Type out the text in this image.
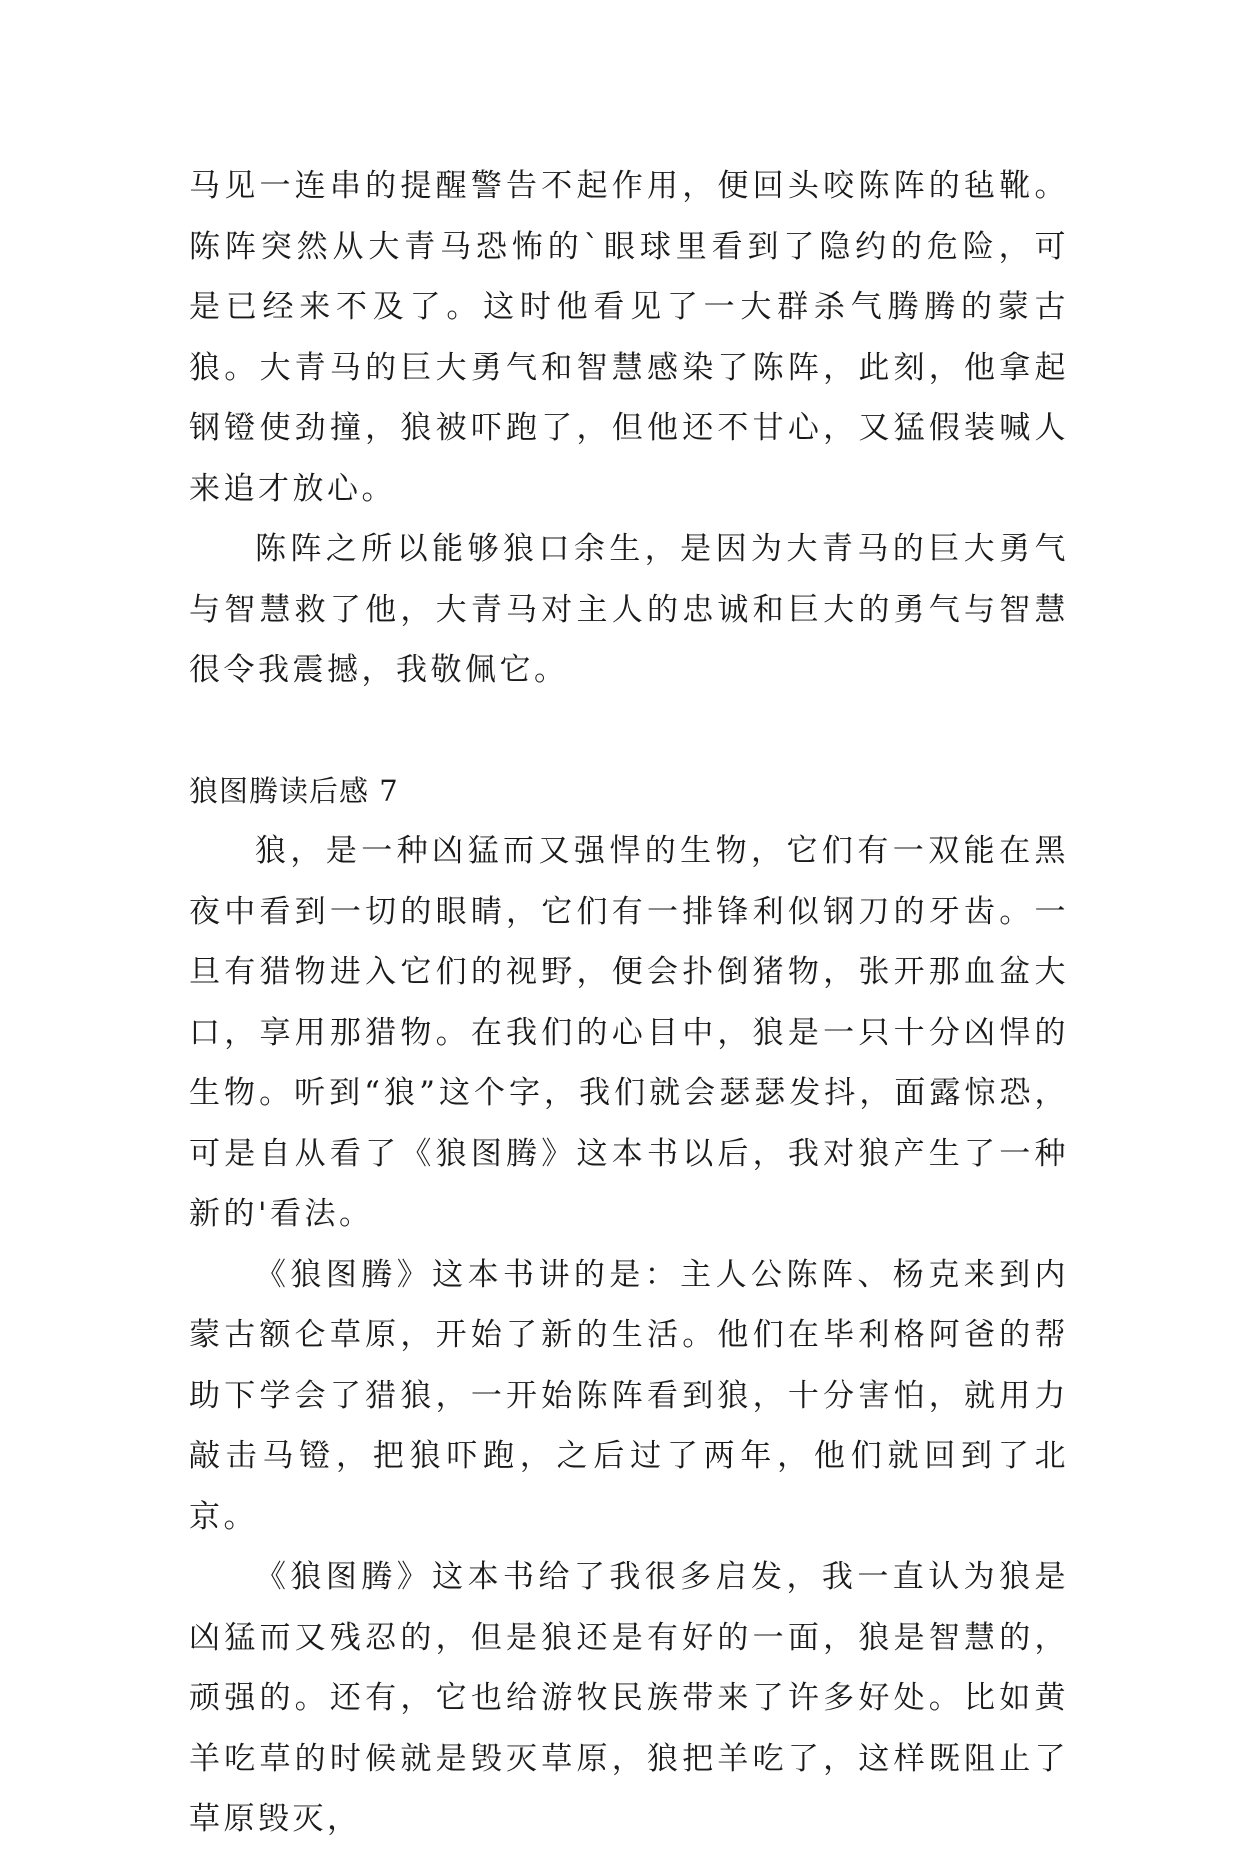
马见一连串的提醒警告不起作用，便回头咬陈阵的毡靴。陈阵突然从大青马恐怖的`眼球里看到了隐约的危险，可是已经来不及了。这时他看见了一大群杀气腾腾的蒙古狼。大青马的巨大勇气和智慧感染了陈阵，此刻，他拿起钢镫使劲撞，狼被吓跑了，但他还不甘心，又猛假装喊人来追才放心。

陈阵之所以能够狼口余生，是因为大青马的巨大勇气与智慧救了他，大青马对主人的忠诚和巨大的勇气与智慧很令我震撼，我敬佩它。

狼图腾读后感 7

狼，是一种凶猛而又强悍的生物，它们有一双能在黑夜中看到一切的眼睛，它们有一排锋利似钢刀的牙齿。一旦有猎物进入它们的视野，便会扑倒猪物，张开那血盆大口，享用那猎物。在我们的心目中，狼是一只十分凶悍的生物。听到“狼”这个字，我们就会瑟瑟发抖，面露惊恐，可是自从看了《狼图腾》这本书以后，我对狼产生了一种新的'看法。

《狼图腾》这本书讲的是：主人公陈阵、杨克来到内蒙古额仑草原，开始了新的生活。他们在毕利格阿爸的帮助下学会了猎狼，一开始陈阵看到狼，十分害怕，就用力敲击马镫，把狼吓跑，之后过了两年，他们就回到了北京。

《狼图腾》这本书给了我很多启发，我一直认为狼是凶猛而又残忍的，但是狼还是有好的一面，狼是智慧的，顽强的。还有，它也给游牧民族带来了许多好处。比如黄羊吃草的时候就是毁灭草原，狼把羊吃了，这样既阻止了草原毁灭，
